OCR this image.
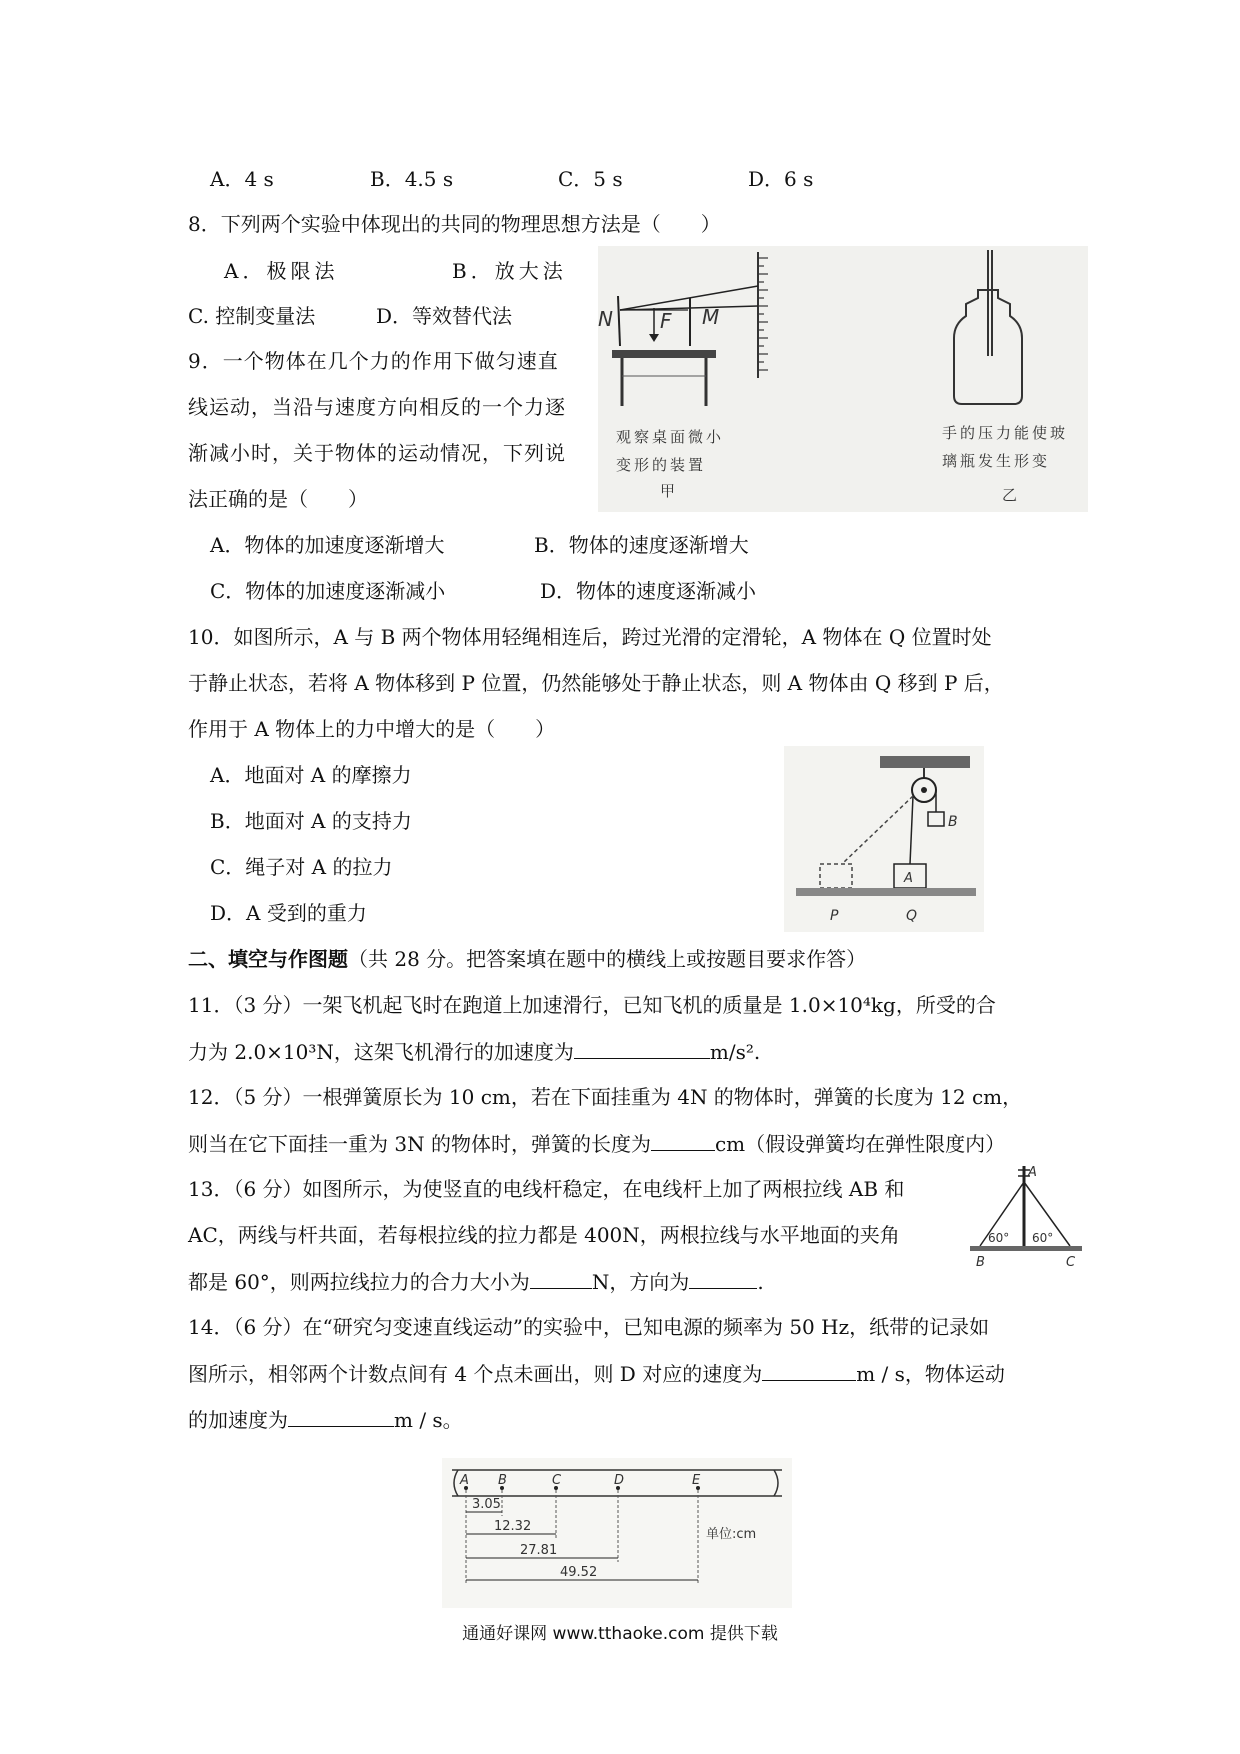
A．4 s	B．4.5 s	C．5 s	D．6 s
8．下列两个实验中体现出的共同的物理思想方法是（　　）
A．极限法	B．放大法
C. 控制变量法	D．等效替代法	N F M
观察桌面微小
变形的装置
甲
手的压力能使玻
璃瓶发生形变
乙
9．一个物体在几个力的作用下做匀速直
线运动，当沿与速度方向相反的一个力逐
渐减小时，关于物体的运动情况，下列说
法正确的是（　　）
A．物体的加速度逐渐增大	B．物体的速度逐渐增大
C．物体的加速度逐渐减小	D．物体的速度逐渐减小
10．如图所示，A 与 B 两个物体用轻绳相连后，跨过光滑的定滑轮，A 物体在 Q 位置时处
于静止状态，若将 A 物体移到 P 位置，仍然能够处于静止状态，则 A 物体由 Q 移到 P 后，
作用于 A 物体上的力中增大的是（　　）
A．地面对 A 的摩擦力
B．地面对 A 的支持力
C．绳子对 A 的拉力
D．A 受到的重力
B
A
P	Q
二、填空与作图题（共 28 分。把答案填在题中的横线上或按题目要求作答）
11．（3 分）一架飞机起飞时在跑道上加速滑行，已知飞机的质量是 1.0×10⁴kg，所受的合
力为 2.0×10³N，这架飞机滑行的加速度为	m/s².
12．（5 分）一根弹簧原长为 10 cm，若在下面挂重为 4N 的物体时，弹簧的长度为 12 cm，
则当在它下面挂一重为 3N 的物体时，弹簧的长度为	cm（假设弹簧均在弹性限度内）
13．（6 分）如图所示，为使竖直的电线杆稳定，在电线杆上加了两根拉线 AB 和
AC，两线与杆共面，若每根拉线的拉力都是 400N，两根拉线与水平地面的夹角
都是 60°，则两拉线拉力的合力大小为	N，方向为	.
A
60° 60°
B	C
14．（6 分）在“研究匀变速直线运动”的实验中，已知电源的频率为 50 Hz，纸带的记录如
图所示，相邻两个计数点间有 4 个点未画出，则 D 对应的速度为	m / s，物体运动
的加速度为	m / s。
A B	C	D	E
3.05
12.32
27.81
49.52
单位:cm
通通好课网 www.tthaoke.com 提供下载
